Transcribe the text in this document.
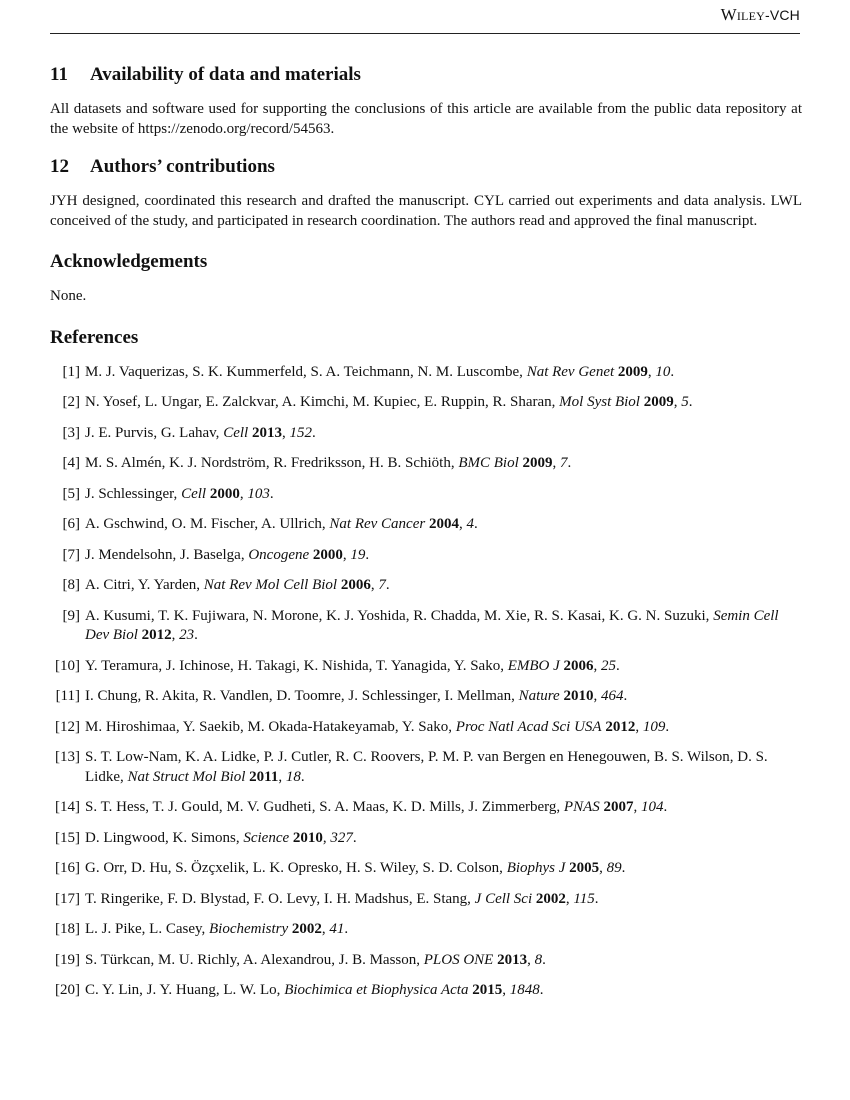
Wiley-VCH
11 Availability of data and materials

All datasets and software used for supporting the conclusions of this article are available from the public data repository at the website of https://zenodo.org/record/54563.

12 Authors’ contributions

JYH designed, coordinated this research and drafted the manuscript. CYL carried out experiments and data analysis. LWL conceived of the study, and participated in research coordination. The authors read and approved the final manuscript.

Acknowledgements

None.

References
[1] M. J. Vaquerizas, S. K. Kummerfeld, S. A. Teichmann, N. M. Luscombe, Nat Rev Genet 2009, 10.
[2] N. Yosef, L. Ungar, E. Zalckvar, A. Kimchi, M. Kupiec, E. Ruppin, R. Sharan, Mol Syst Biol 2009, 5.
[3] J. E. Purvis, G. Lahav, Cell 2013, 152.
[4] M. S. Almén, K. J. Nordström, R. Fredriksson, H. B. Schiöth, BMC Biol 2009, 7.
[5] J. Schlessinger, Cell 2000, 103.
[6] A. Gschwind, O. M. Fischer, A. Ullrich, Nat Rev Cancer 2004, 4.
[7] J. Mendelsohn, J. Baselga, Oncogene 2000, 19.
[8] A. Citri, Y. Yarden, Nat Rev Mol Cell Biol 2006, 7.
[9] A. Kusumi, T. K. Fujiwara, N. Morone, K. J. Yoshida, R. Chadda, M. Xie, R. S. Kasai, K. G. N. Suzuki, Semin Cell Dev Biol 2012, 23.
[10] Y. Teramura, J. Ichinose, H. Takagi, K. Nishida, T. Yanagida, Y. Sako, EMBO J 2006, 25.
[11] I. Chung, R. Akita, R. Vandlen, D. Toomre, J. Schlessinger, I. Mellman, Nature 2010, 464.
[12] M. Hiroshimaa, Y. Saekib, M. Okada-Hatakeyamab, Y. Sako, Proc Natl Acad Sci USA 2012, 109.
[13] S. T. Low-Nam, K. A. Lidke, P. J. Cutler, R. C. Roovers, P. M. P. van Bergen en Henegouwen, B. S. Wilson, D. S. Lidke, Nat Struct Mol Biol 2011, 18.
[14] S. T. Hess, T. J. Gould, M. V. Gudheti, S. A. Maas, K. D. Mills, J. Zimmerberg, PNAS 2007, 104.
[15] D. Lingwood, K. Simons, Science 2010, 327.
[16] G. Orr, D. Hu, S. Özçxelik, L. K. Opresko, H. S. Wiley, S. D. Colson, Biophys J 2005, 89.
[17] T. Ringerike, F. D. Blystad, F. O. Levy, I. H. Madshus, E. Stang, J Cell Sci 2002, 115.
[18] L. J. Pike, L. Casey, Biochemistry 2002, 41.
[19] S. Türkcan, M. U. Richly, A. Alexandrou, J. B. Masson, PLOS ONE 2013, 8.
[20] C. Y. Lin, J. Y. Huang, L. W. Lo, Biochimica et Biophysica Acta 2015, 1848.
